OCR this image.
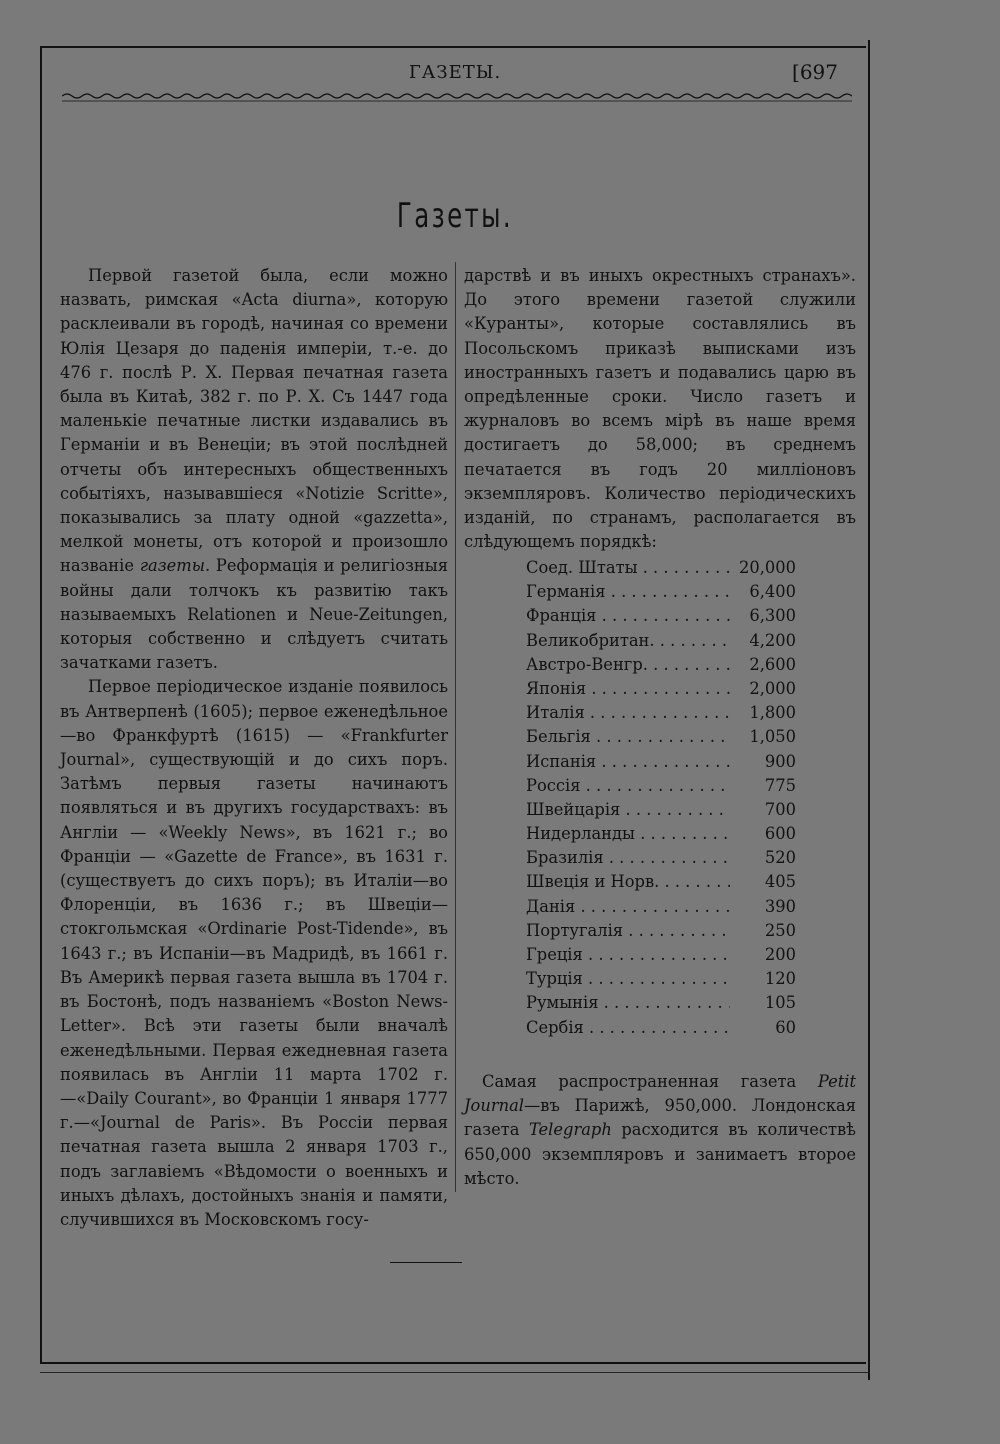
ГАЗЕТЫ.	[697
Газеты.

Первой газетой была, если можно назвать, римская «Acta diurna», которую расклеивали въ городѣ, начиная со времени Юлія Цезаря до паденія имперіи, т.-е. до 476 г. послѣ Р. X. Первая печатная газета была въ Китаѣ, 382 г. по Р. X. Съ 1447 года маленькіе печатные листки издавались въ Германіи и въ Венеціи; въ этой послѣдней отчеты объ интересныхъ общественныхъ событіяхъ, называвшіеся «Notizie Scritte», показывались за плату одной «gazzetta», мелкой монеты, отъ которой и произошло названіе газеты. Реформація и религіозныя войны дали толчокъ къ развитію такъ называемыхъ Relationen и Neue-Zeitungen, которыя собственно и слѣдуетъ считать зачатками газетъ.

Первое періодическое изданіе появилось въ Антверпенѣ (1605); первое еженедѣльное—во Франкфуртѣ (1615) — «Frankfurter Journal», существующій и до сихъ поръ. Затѣмъ первыя газеты начинаютъ появляться и въ другихъ государствахъ: въ Англіи — «Weekly News», въ 1621 г.; во Франціи — «Gazette de France», въ 1631 г. (существуетъ до сихъ поръ); въ Италіи—во Флоренціи, въ 1636 г.; въ Швеціи—стокгольмская «Ordinarie Post-Tidende», въ 1643 г.; въ Испаніи—въ Мадридѣ, въ 1661 г. Въ Америкѣ первая газета вышла въ 1704 г. въ Бостонѣ, подъ названіемъ «Boston News-Letter». Всѣ эти газеты были вначалѣ еженедѣльными. Первая ежедневная газета появилась въ Англіи 11 марта 1702 г.—«Daily Courant», во Франціи 1 января 1777 г.—«Journal de Paris». Въ Россіи первая печатная газета вышла 2 января 1703 г., подъ заглавіемъ «Вѣдомости о военныхъ и иныхъ дѣлахъ, достойныхъ знанія и памяти, случившихся въ Московскомъ госу-

дарствѣ и въ иныхъ окрестныхъ странахъ». До этого времени газетой служили «Куранты», которые составлялись въ Посольскомъ приказѣ выписками изъ иностранныхъ газетъ и подавались царю въ опредѣленные сроки. Число газетъ и журналовъ во всемъ мірѣ въ наше время достигаетъ до 58,000; въ среднемъ печатается въ годъ 20 милліоновъ экземпляровъ. Количество періодическихъ изданій, по странамъ, располагается въ слѣдующемъ порядкѣ:

Соед. Штаты . . .	20,000
Германія . . .	6,400
Франція . . .	6,300
Великобритан. . . .	4,200
Австро-Венгр. . . .	2,600
Японія . . .	2,000
Италія . . .	1,800
Бельгія . . .	1,050
Испанія . . .	900
Россія . . .	775
Швейцарія . . .	700
Нидерланды . . .	600
Бразилія . . .	520
Швеція и Норв. . . .	405
Данія . . .	390
Португалія . . .	250
Греція . . .	200
Турція . . .	120
Румынія . . .	105
Сербія . . .	60

Самая распространенная газета Petit Journal—въ Парижѣ, 950,000. Лондонская газета Telegraph расходится въ количествѣ 650,000 экземпляровъ и занимаетъ второе мѣсто.
